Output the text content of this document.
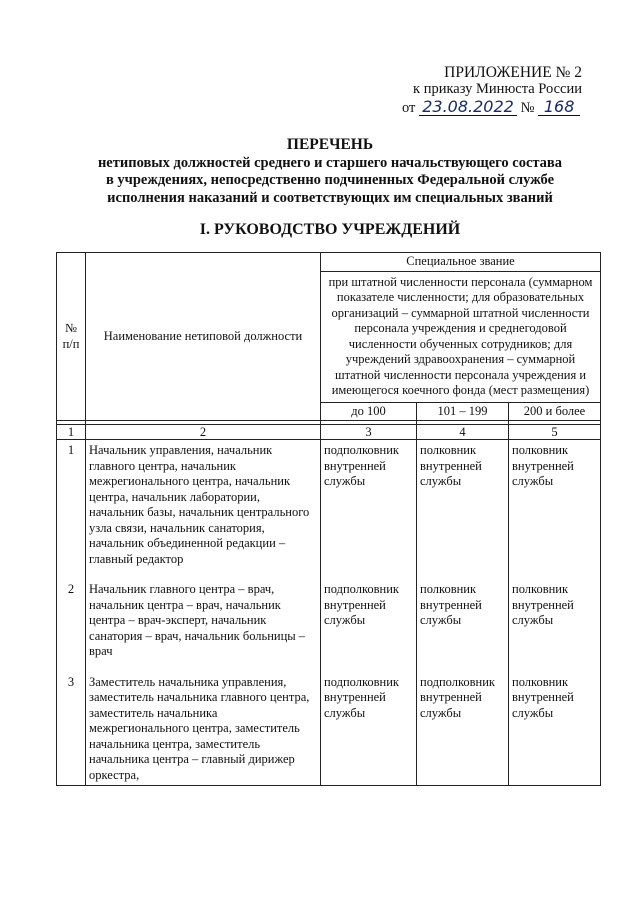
ПРИЛОЖЕНИЕ № 2
к приказу Минюста России
от 23.08.2022 № 168
ПЕРЕЧЕНЬ
нетиповых должностей среднего и старшего начальствующего состава
в учреждениях, непосредственно подчиненных Федеральной службе
исполнения наказаний и соответствующих им специальных званий
I. РУКОВОДСТВО УЧРЕЖДЕНИЙ
№ п/п	Наименование нетиповой должности	Специальное звание		
		при штатной численности персонала (суммарном показателе численности; для образовательных организаций – суммарной штатной численности персонала учреждения и среднегодовой численности обученных сотрудников; для учреждений здравоохранения – суммарной штатной численности персонала учреждения и имеющегося коечного фонда (мест размещения)		
		до 100	101 – 199	200 и более

1	2	3	4	5
1	Начальник управления, начальник главного центра, начальник межрегионального центра, начальник центра, начальник лаборатории, начальник базы, начальник центрального узла связи, начальник санатория, начальник объединенной редакции – главный редактор	подполковник внутренней службы	полковник внутренней службы	полковник внутренней службы
2	Начальник главного центра – врач, начальник центра – врач, начальник центра – врач-эксперт, начальник санатория – врач, начальник больницы – врач	подполковник внутренней службы	полковник внутренней службы	полковник внутренней службы
3	Заместитель начальника управления, заместитель начальника главного центра, заместитель начальника межрегионального центра, заместитель начальника центра, заместитель начальника центра – главный дирижер оркестра,	подполковник внутренней службы	подполковник внутренней службы	полковник внутренней службы
